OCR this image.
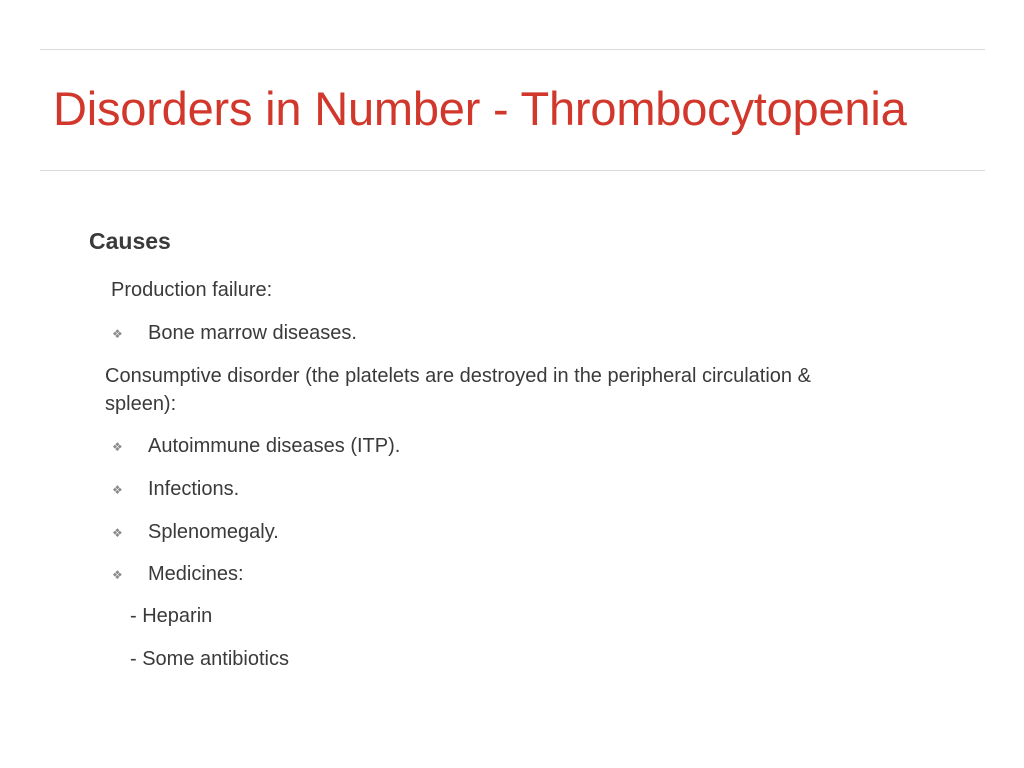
Disorders in Number - Thrombocytopenia
Causes
Production failure:
❖ Bone marrow diseases.
Consumptive disorder (the platelets are destroyed in the peripheral circulation &
spleen):
❖ Autoimmune diseases (ITP).
❖ Infections.
❖ Splenomegaly.
❖ Medicines:
- Heparin
- Some antibiotics
